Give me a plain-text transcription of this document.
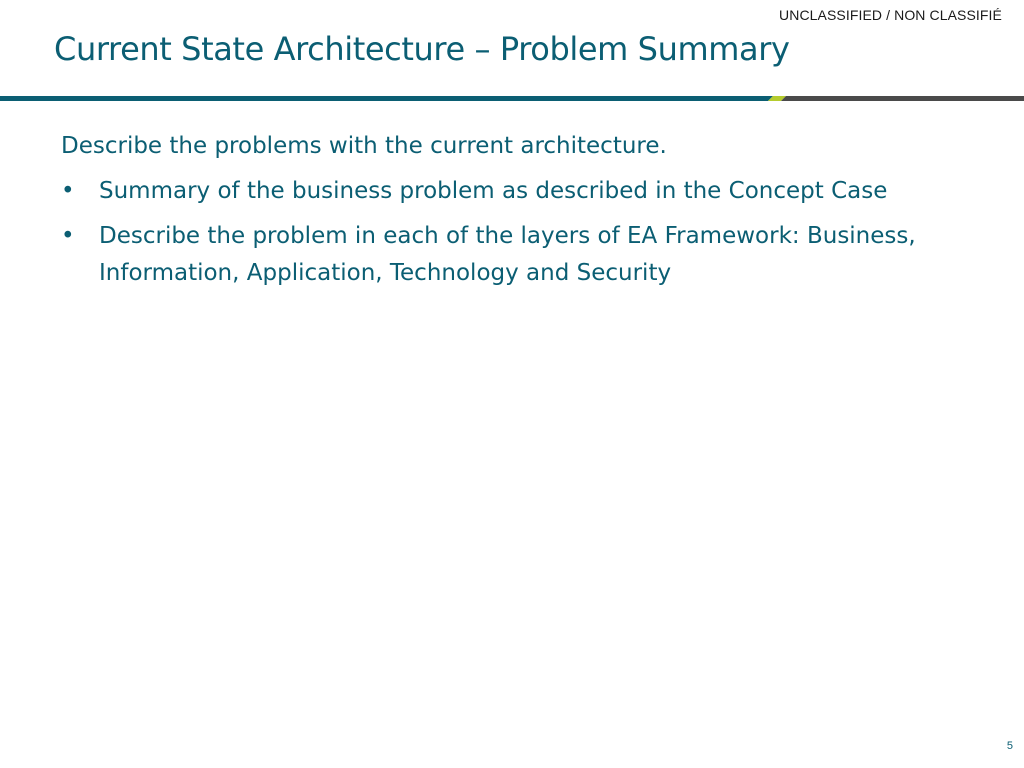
UNCLASSIFIED / NON CLASSIFIÉ
Current State Architecture – Problem Summary

Describe the problems with the current architecture.

• Summary of the business problem as described in the Concept Case
• Describe the problem in each of the layers of EA Framework: Business, Information, Application, Technology and Security
5
